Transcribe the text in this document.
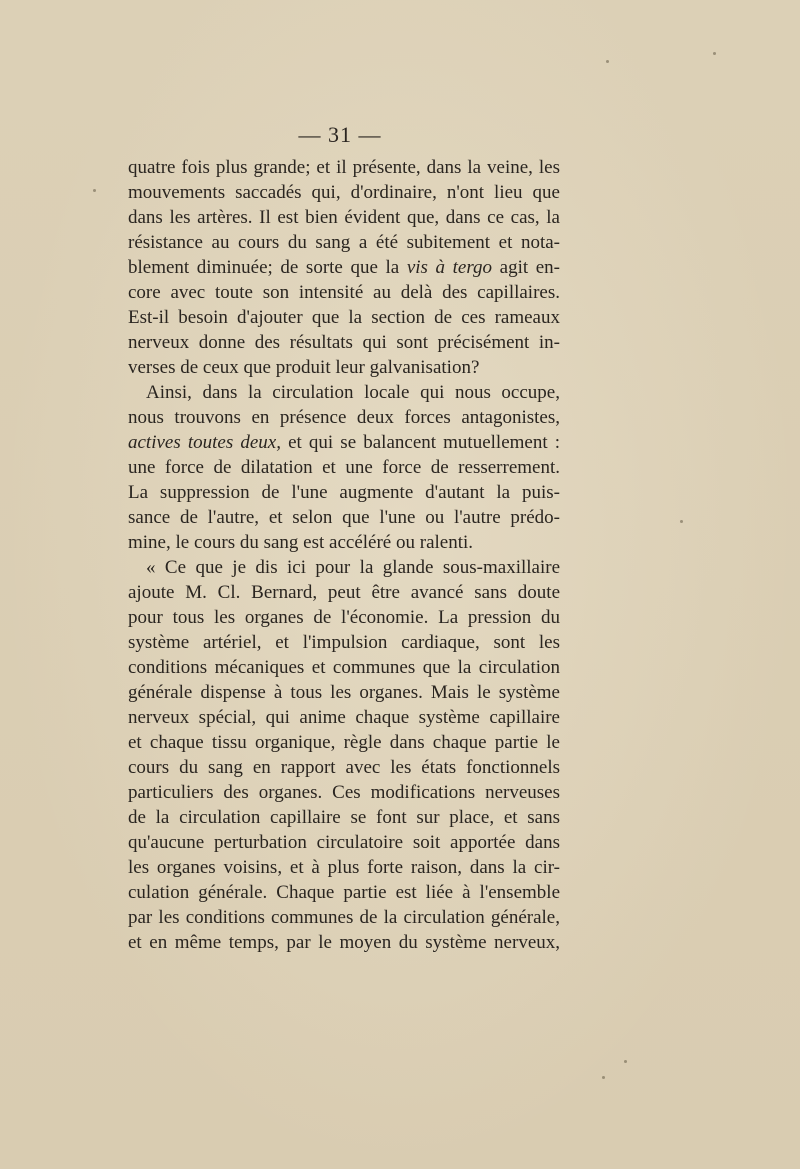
— 31 —
quatre fois plus grande; et il présente, dans la veine, les
mouvements saccadés qui, d'ordinaire, n'ont lieu que
dans les artères. Il est bien évident que, dans ce cas, la
résistance au cours du sang a été subitement et nota-
blement diminuée; de sorte que la vis à tergo agit en-
core avec toute son intensité au delà des capillaires.
Est-il besoin d'ajouter que la section de ces rameaux
nerveux donne des résultats qui sont précisément in-
verses de ceux que produit leur galvanisation?
Ainsi, dans la circulation locale qui nous occupe,
nous trouvons en présence deux forces antagonistes,
actives toutes deux, et qui se balancent mutuellement :
une force de dilatation et une force de resserrement.
La suppression de l'une augmente d'autant la puis-
sance de l'autre, et selon que l'une ou l'autre prédo-
mine, le cours du sang est accéléré ou ralenti.
« Ce que je dis ici pour la glande sous-maxillaire
ajoute M. Cl. Bernard, peut être avancé sans doute
pour tous les organes de l'économie. La pression du
système artériel, et l'impulsion cardiaque, sont les
conditions mécaniques et communes que la circulation
générale dispense à tous les organes. Mais le système
nerveux spécial, qui anime chaque système capillaire
et chaque tissu organique, règle dans chaque partie le
cours du sang en rapport avec les états fonctionnels
particuliers des organes. Ces modifications nerveuses
de la circulation capillaire se font sur place, et sans
qu'aucune perturbation circulatoire soit apportée dans
les organes voisins, et à plus forte raison, dans la cir-
culation générale. Chaque partie est liée à l'ensemble
par les conditions communes de la circulation générale,
et en même temps, par le moyen du système nerveux,
